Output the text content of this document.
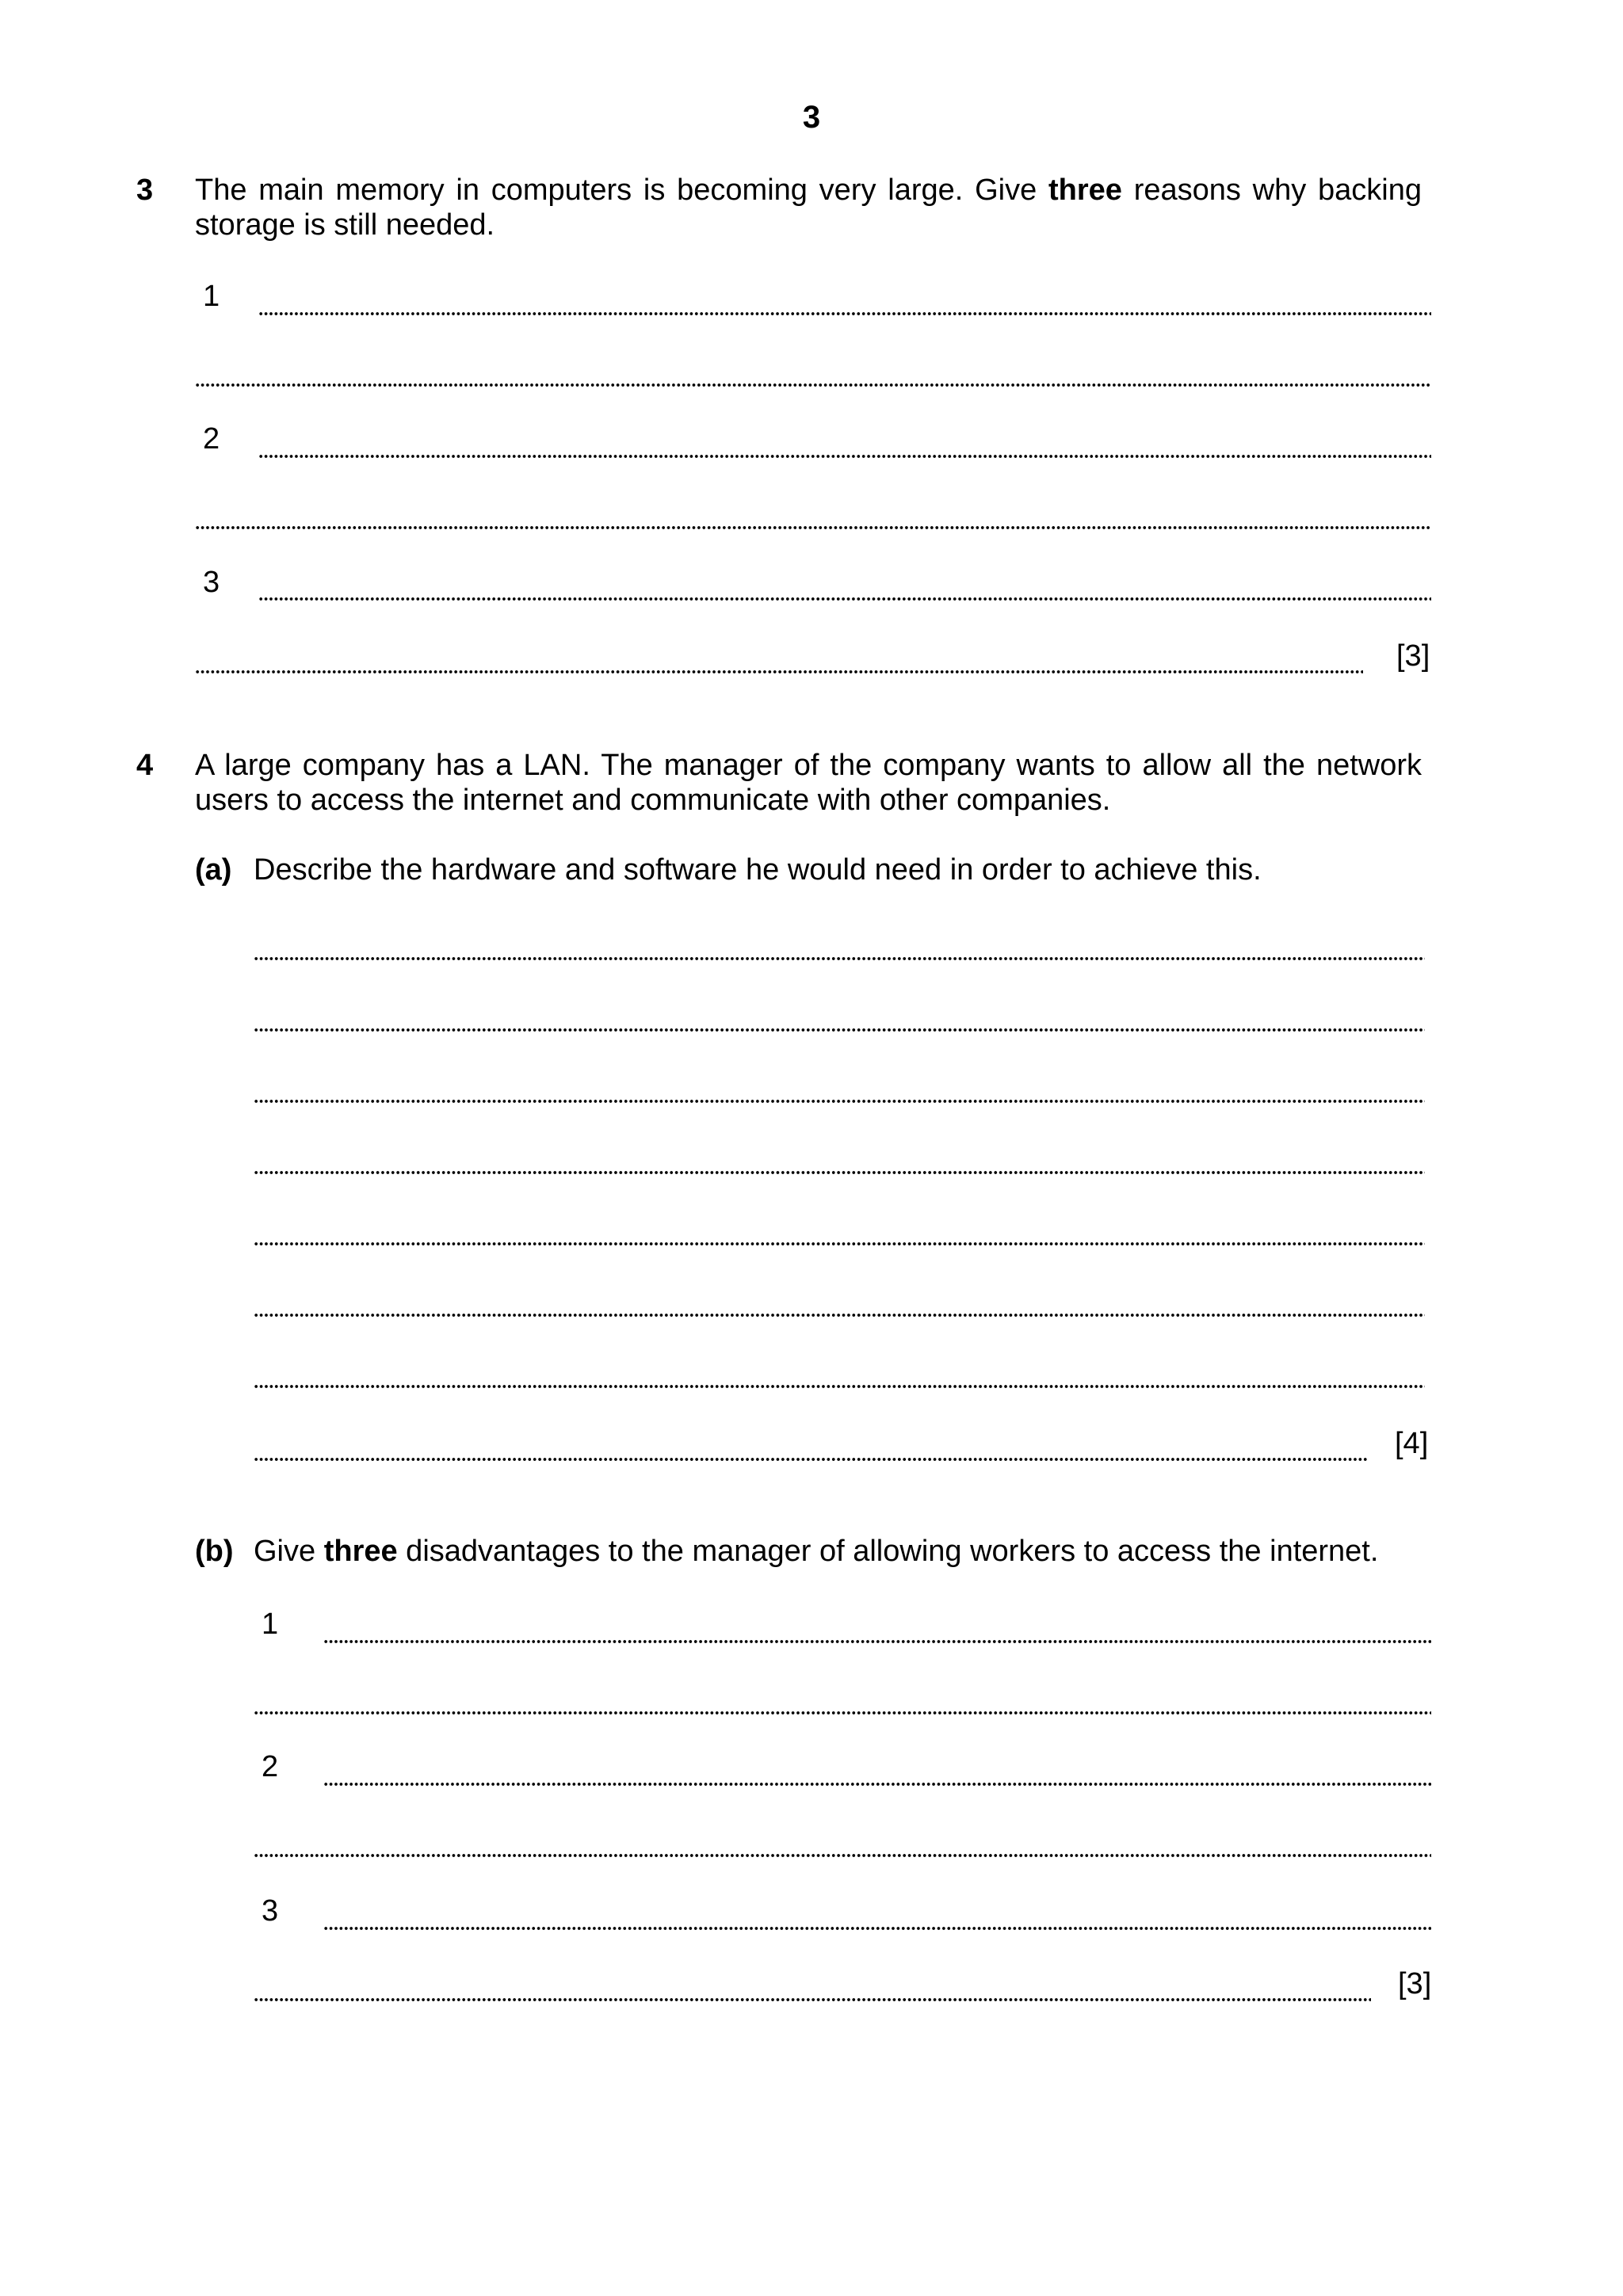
3
3 The main memory in computers is becoming very large. Give three reasons why backing storage is still needed.
1
2
3
[3]
4 A large company has a LAN. The manager of the company wants to allow all the network users to access the internet and communicate with other companies.
(a) Describe the hardware and software he would need in order to achieve this.
[4]
(b) Give three disadvantages to the manager of allowing workers to access the internet.
1
2
3
[3]
